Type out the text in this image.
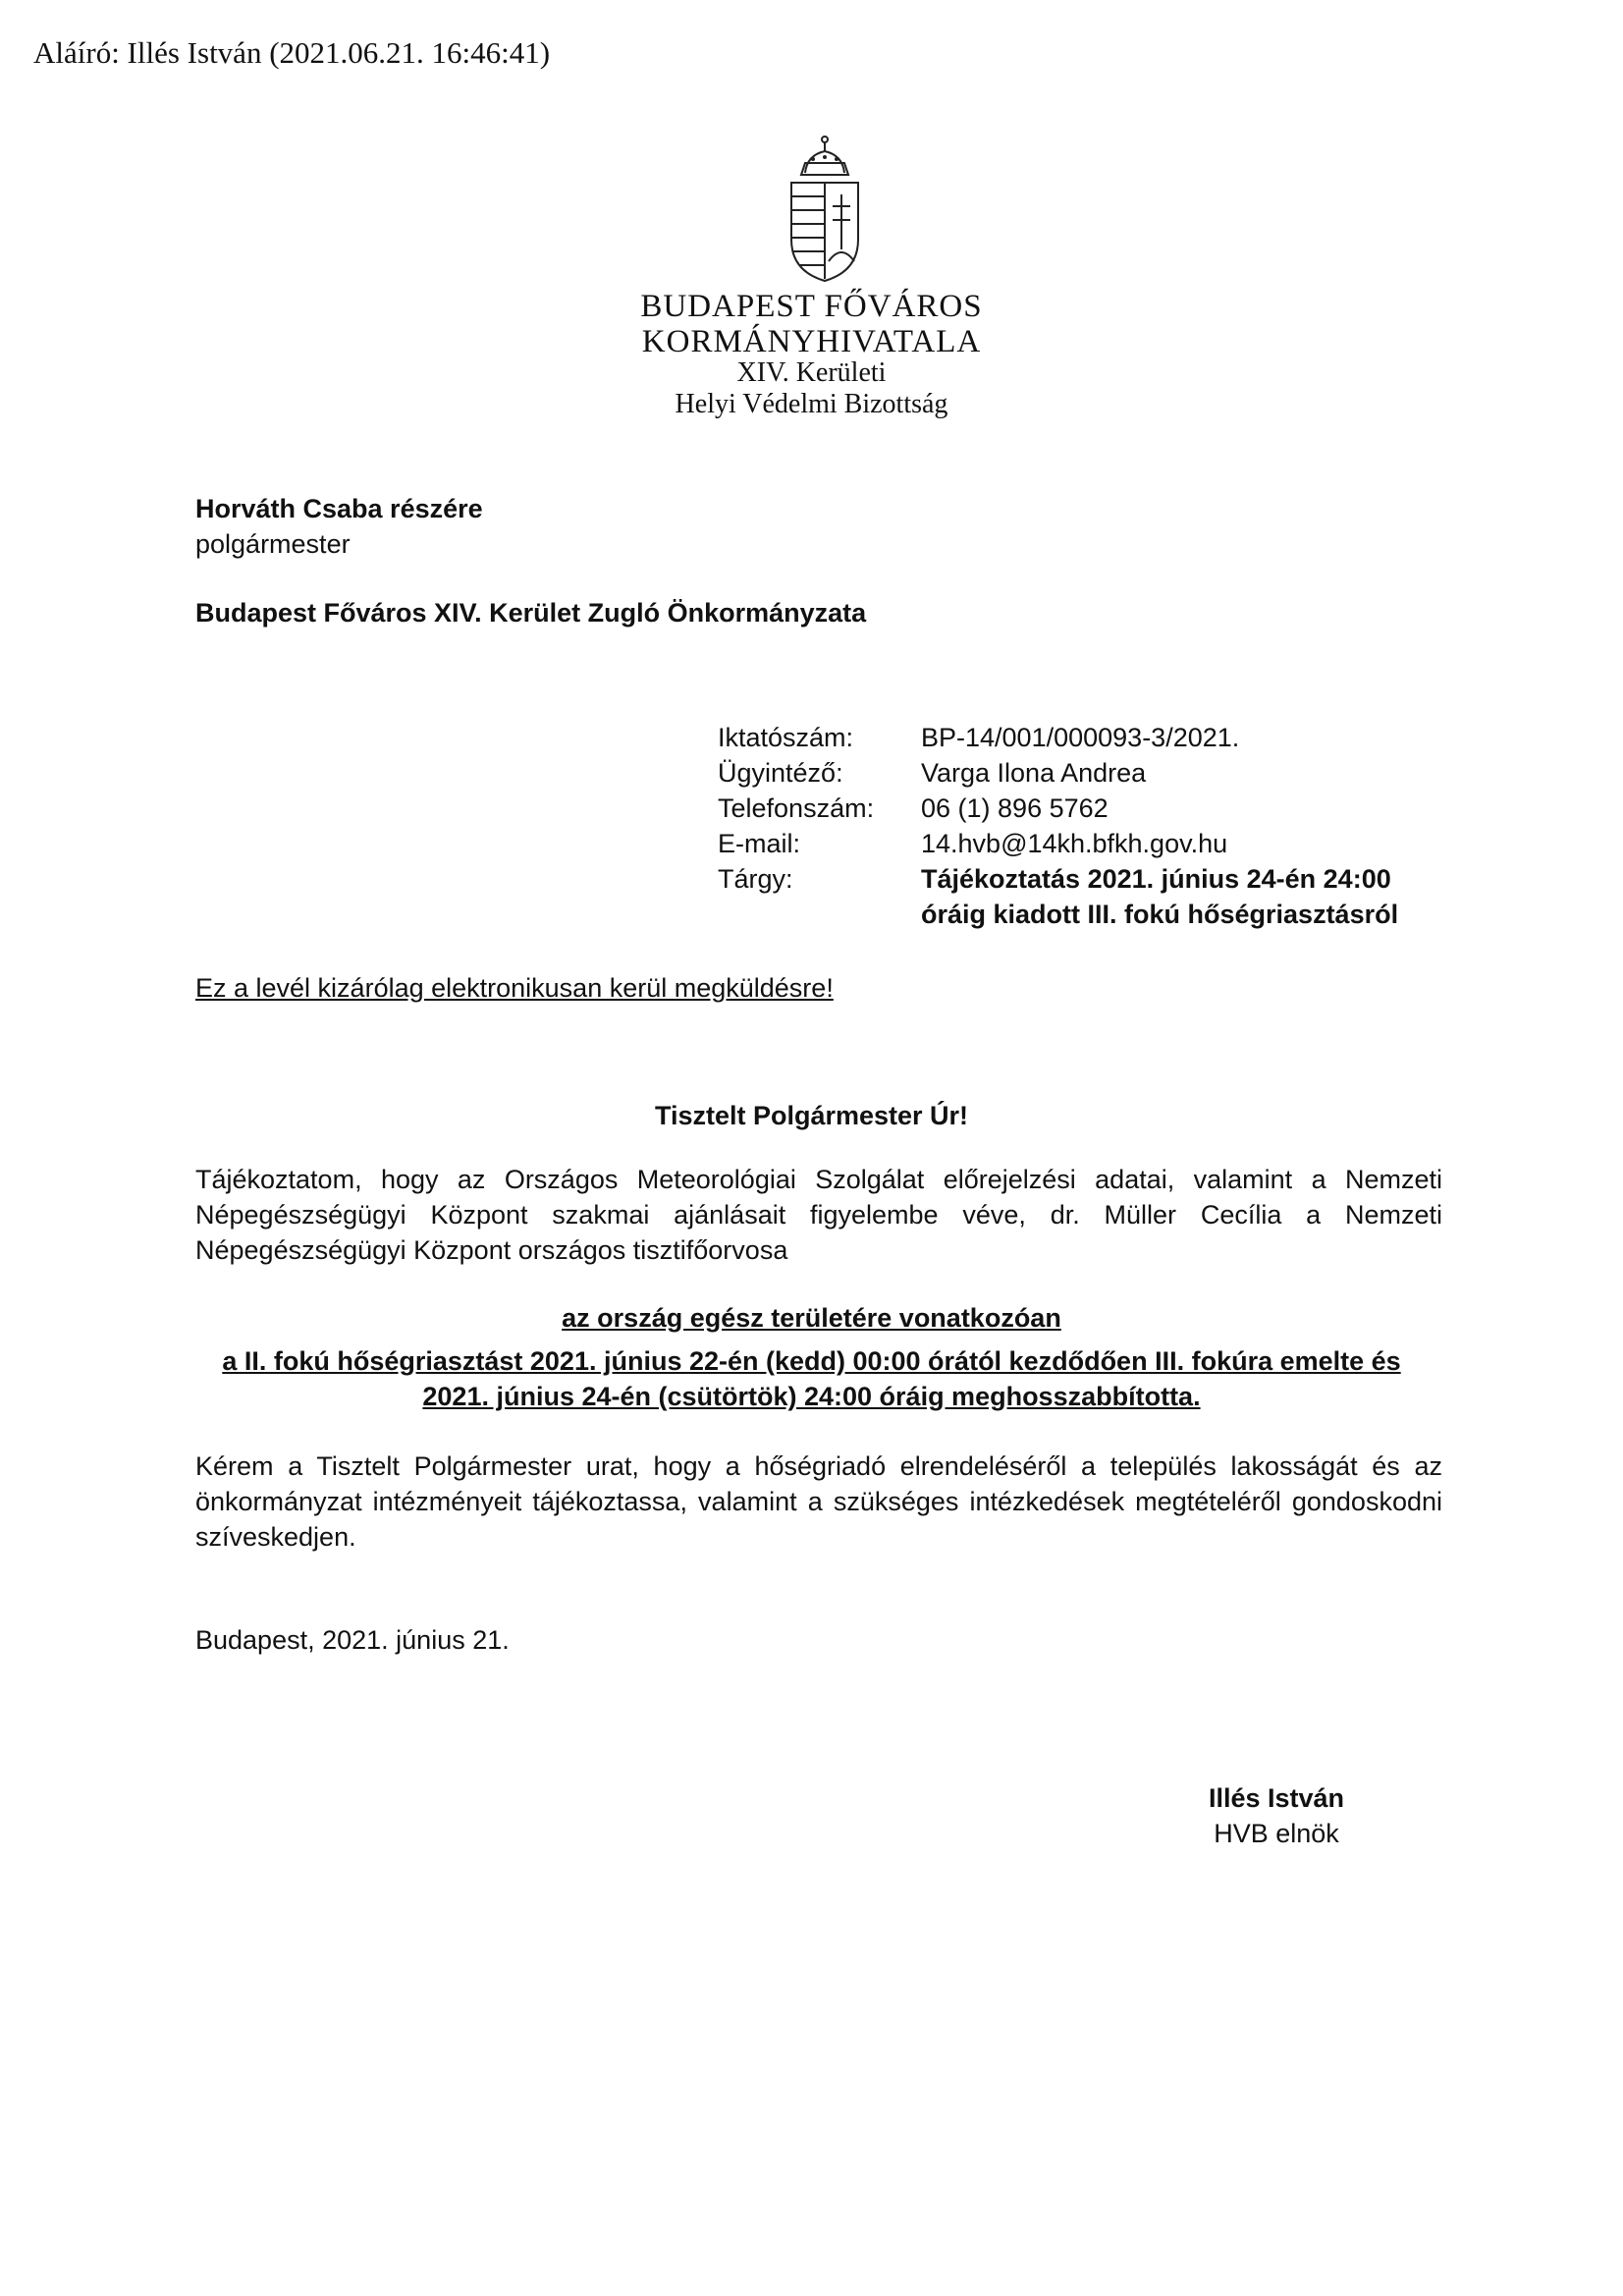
Aláíró: Illés István (2021.06.21. 16:46:41)
BUDAPEST FŐVÁROS
KORMÁNYHIVATALA
XIV. Kerületi
Helyi Védelmi Bizottság
Horváth Csaba részére
polgármester
Budapest Főváros XIV. Kerület Zugló Önkormányzata
Iktatószám:	BP-14/001/000093-3/2021.
Ügyintéző:	Varga Ilona Andrea
Telefonszám: 06 (1) 896 5762
E-mail:	14.hvb@14kh.bfkh.gov.hu
Tárgy:	Tájékoztatás 2021. június 24-én 24:00
óráig kiadott III. fokú hőségriasztásról
Ez a levél kizárólag elektronikusan kerül megküldésre!
Tisztelt Polgármester Úr!
Tájékoztatom, hogy az Országos Meteorológiai Szolgálat előrejelzési adatai, valamint a Nemzeti Népegészségügyi Központ szakmai ajánlásait figyelembe véve, dr. Müller Cecília a Nemzeti Népegészségügyi Központ országos tisztifőorvosa
az ország egész területére vonatkozóan
a II. fokú hőségriasztást 2021. június 22-én (kedd) 00:00 órától kezdődően III. fokúra emelte és
2021. június 24-én (csütörtök) 24:00 óráig meghosszabbította.
Kérem a Tisztelt Polgármester urat, hogy a hőségriadó elrendeléséről a település lakosságát és az önkormányzat intézményeit tájékoztassa, valamint a szükséges intézkedések megtételéről gondoskodni szíveskedjen.
Budapest, 2021. június 21.
Illés István
HVB elnök
